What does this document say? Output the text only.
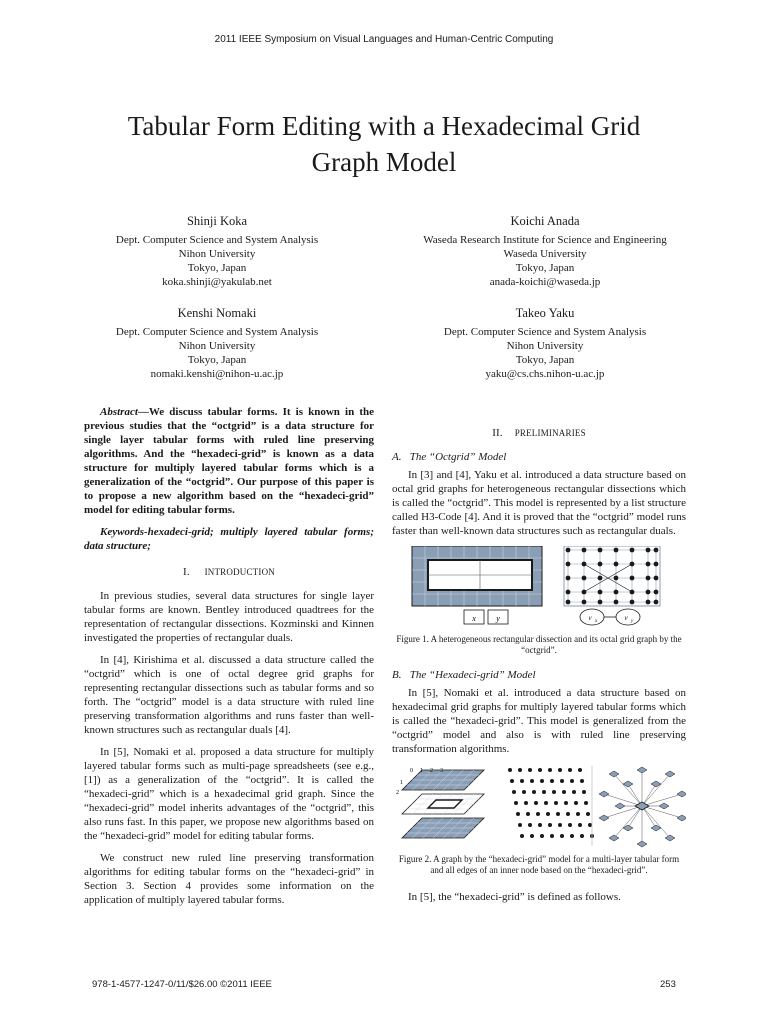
2011 IEEE Symposium on Visual Languages and Human-Centric Computing
Tabular Form Editing with a Hexadecimal Grid
Graph Model
Shinji Koka
Dept. Computer Science and System Analysis
Nihon University
Tokyo, Japan
koka.shinji@yakulab.net
Koichi Anada
Waseda Research Institute for Science and Engineering
Waseda University
Tokyo, Japan
anada-koichi@waseda.jp
Kenshi Nomaki
Dept. Computer Science and System Analysis
Nihon University
Tokyo, Japan
nomaki.kenshi@nihon-u.ac.jp
Takeo Yaku
Dept. Computer Science and System Analysis
Nihon University
Tokyo, Japan
yaku@cs.chs.nihon-u.ac.jp

Abstract—We discuss tabular forms. It is known in the previous studies that the “octgrid” is a data structure for single layer tabular forms with ruled line preserving algorithms. And the “hexadeci-grid” is known as a data structure for multiply layered tabular forms which is a generalization of the “octgrid”. Our purpose of this paper is to propose a new algorithm based on the “hexadeci-grid” model for editing tabular forms.

Keywords-hexadeci-grid; multiply layered tabular forms; data structure;

I. INTRODUCTION

In previous studies, several data structures for single layer tabular forms are known. Bentley introduced quadtrees for the representation of rectangular dissections. Kozminski and Kinnen investigated the properties of rectangular duals.

In [4], Kirishima et al. discussed a data structure called the “octgrid” which is one of octal degree grid graphs for representing rectangular dissections such as tabular forms and so forth. The “octgrid” model is a data structure with ruled line preserving transformation algorithms and runs faster than well-known structures such as rectangular duals [4].

In [5], Nomaki et al. proposed a data structure for multiply layered tabular forms such as multi-page spreadsheets (see e.g., [1]) as a generalization of the “octgrid”. It is called the “hexadeci-grid” which is a hexadecimal grid graph. Since the “hexadeci-grid” model inherits advantages of the “octgrid”, this also runs fast. In this paper, we propose new algorithms based on the “hexadeci-grid” model for editing tabular forms.

We construct new ruled line preserving transformation algorithms for editing tabular forms on the “hexadeci-grid” in Section 3. Section 4 provides some information on the application of multiply layered tabular forms.

II. PRELIMINARIES
A. The “Octgrid” Model

In [3] and [4], Yaku et al. introduced a data structure based on octal grid graphs for heterogeneous rectangular dissections which is called the “octgrid”. This model is represented by a list structure called H3-Code [4]. And it is proved that the “octgrid” model runs faster than well-known data structures such as rectangular duals.

x	y	v x	v y
Figure 1. A heterogeneous rectangular dissection and its octal grid graph by the “octgrid”.
B. The “Hexadeci-grid” Model

In [5], Nomaki et al. introduced a data structure based on hexadecimal grid graphs for multiply layered tabular forms which is called the “hexadeci-grid”. This model is generalized from the “octgrid” model and also is with ruled line preserving transformation algorithms.

0 1 2 3
1
2
Figure 2. A graph by the “hexadeci-grid” model for a multi-layer tabular form and all edges of an inner node based on the “hexadeci-grid”.

In [5], the “hexadeci-grid” is defined as follows.

978-1-4577-1247-0/11/$26.00 ©2011 IEEE	253
